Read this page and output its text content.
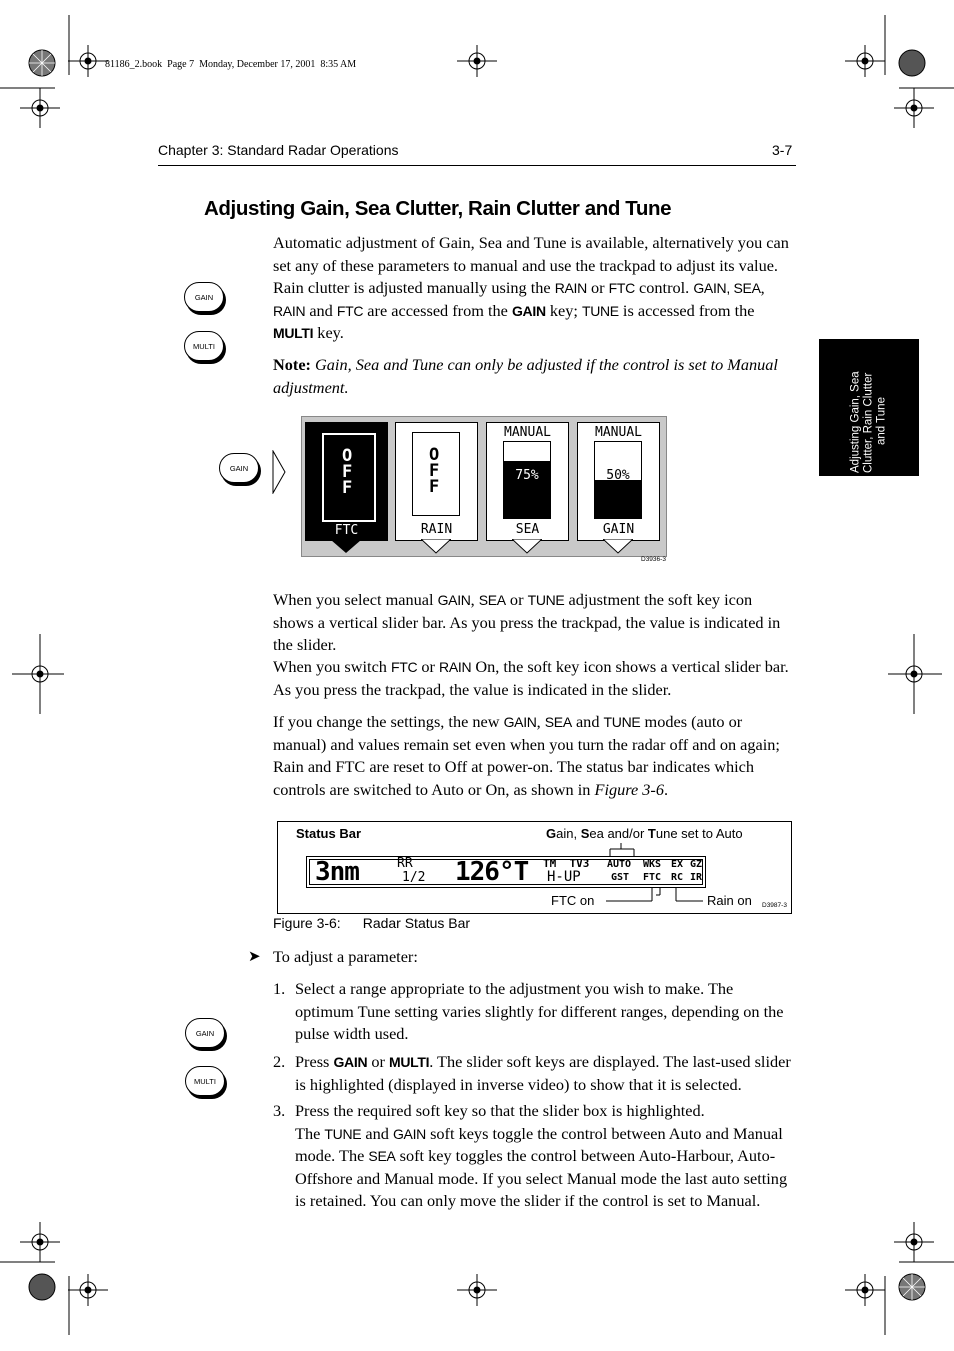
81186_2.book  Page 7  Monday, December 17, 2001  8:35 AM
Chapter 3: Standard Radar Operations	3-7
Adjusting Gain, Sea Clutter, Rain Clutter and Tune
Adjusting Gain, Sea Clutter, Rain Clutter and Tune
GAIN
MULTI
GAIN
GAIN
MULTI

Automatic adjustment of Gain, Sea and Tune is available, alternatively you can set any of these parameters to manual and use the trackpad to adjust its value. Rain clutter is adjusted manually using the RAIN or FTC control. GAIN, SEA, RAIN and FTC are accessed from the GAIN key; TUNE is accessed from the MULTI key.

Note: Gain, Sea and Tune can only be adjusted if the control is set to Manual adjustment.

OFF
FTC
OFF
RAIN
MANUAL
75%
SEA
MANUAL
50%
GAIN
D3936-3

When you select manual GAIN, SEA or TUNE adjustment the soft key icon shows a vertical slider bar. As you press the trackpad, the value is indicated in the slider.

When you switch FTC or RAIN On, the soft key icon shows a vertical slider bar. As you press the trackpad, the value is indicated in the slider.

If you change the settings, the new GAIN, SEA and TUNE modes (auto or manual) and values remain set even when you turn the radar off and on again; Rain and FTC are reset to Off at power-on. The status bar indicates which controls are switched to Auto or On, as shown in Figure 3-6.

Status Bar	Gain, Sea and/or Tune set to Auto
3nm	RR
1/2 126°T TM  TV3
H-UP
AUTO
GST
WKS
FTC
EX
RC
GZ
IR
FTC on	Rain on D3987-3
Figure 3-6: Radar Status Bar
➤ To adjust a parameter:
1. Select a range appropriate to the adjustment you wish to make. The optimum Tune setting varies slightly for different ranges, depending on the pulse width used.

2. Press GAIN or MULTI. The slider soft keys are displayed. The last-used slider is highlighted (displayed in inverse video) to show that it is selected.

3. Press the required soft key so that the slider box is highlighted.
The TUNE and GAIN soft keys toggle the control between Auto and Manual mode. The SEA soft key toggles the control between Auto-Harbour, Auto-Offshore and Manual mode. If you select Manual mode the last auto setting is retained. You can only move the slider if the control is set to Manual.
